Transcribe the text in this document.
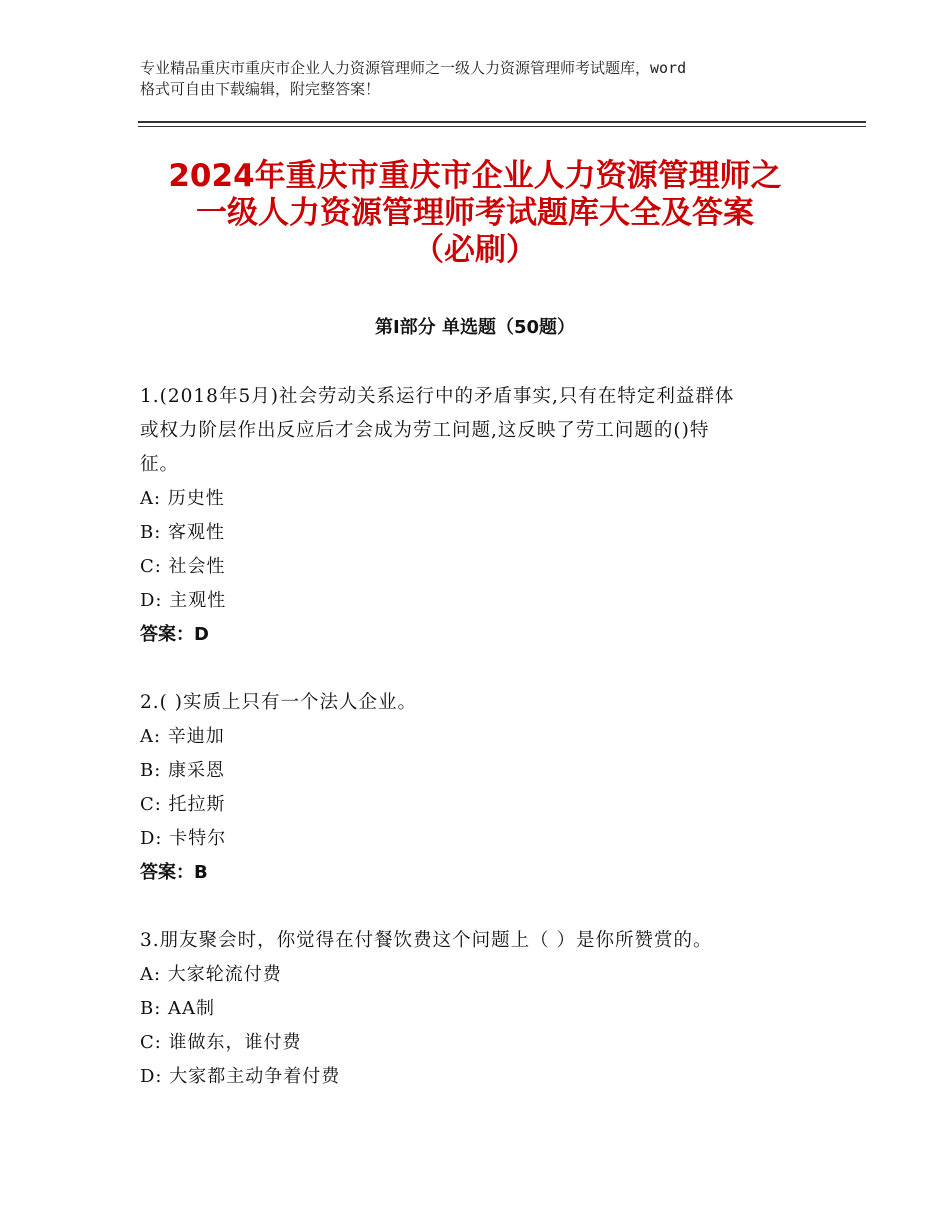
专业精品重庆市重庆市企业人力资源管理师之一级人力资源管理师考试题库，word
格式可自由下载编辑，附完整答案！
2024年重庆市重庆市企业人力资源管理师之
一级人力资源管理师考试题库大全及答案
（必刷）
第Ⅰ部分 单选题（50题）

1.(2018年5月)社会劳动关系运行中的矛盾事实,只有在特定利益群体

或权力阶层作出反应后才会成为劳工问题,这反映了劳工问题的()特

征。

A: 历史性

B: 客观性

C: 社会性

D: 主观性

答案：D

2.( )实质上只有一个法人企业。

A: 辛迪加

B: 康采恩

C: 托拉斯

D: 卡特尔

答案：B

3.朋友聚会时，你觉得在付餐饮费这个问题上（ ）是你所赞赏的。

A: 大家轮流付费

B: AA制

C: 谁做东，谁付费

D: 大家都主动争着付费
